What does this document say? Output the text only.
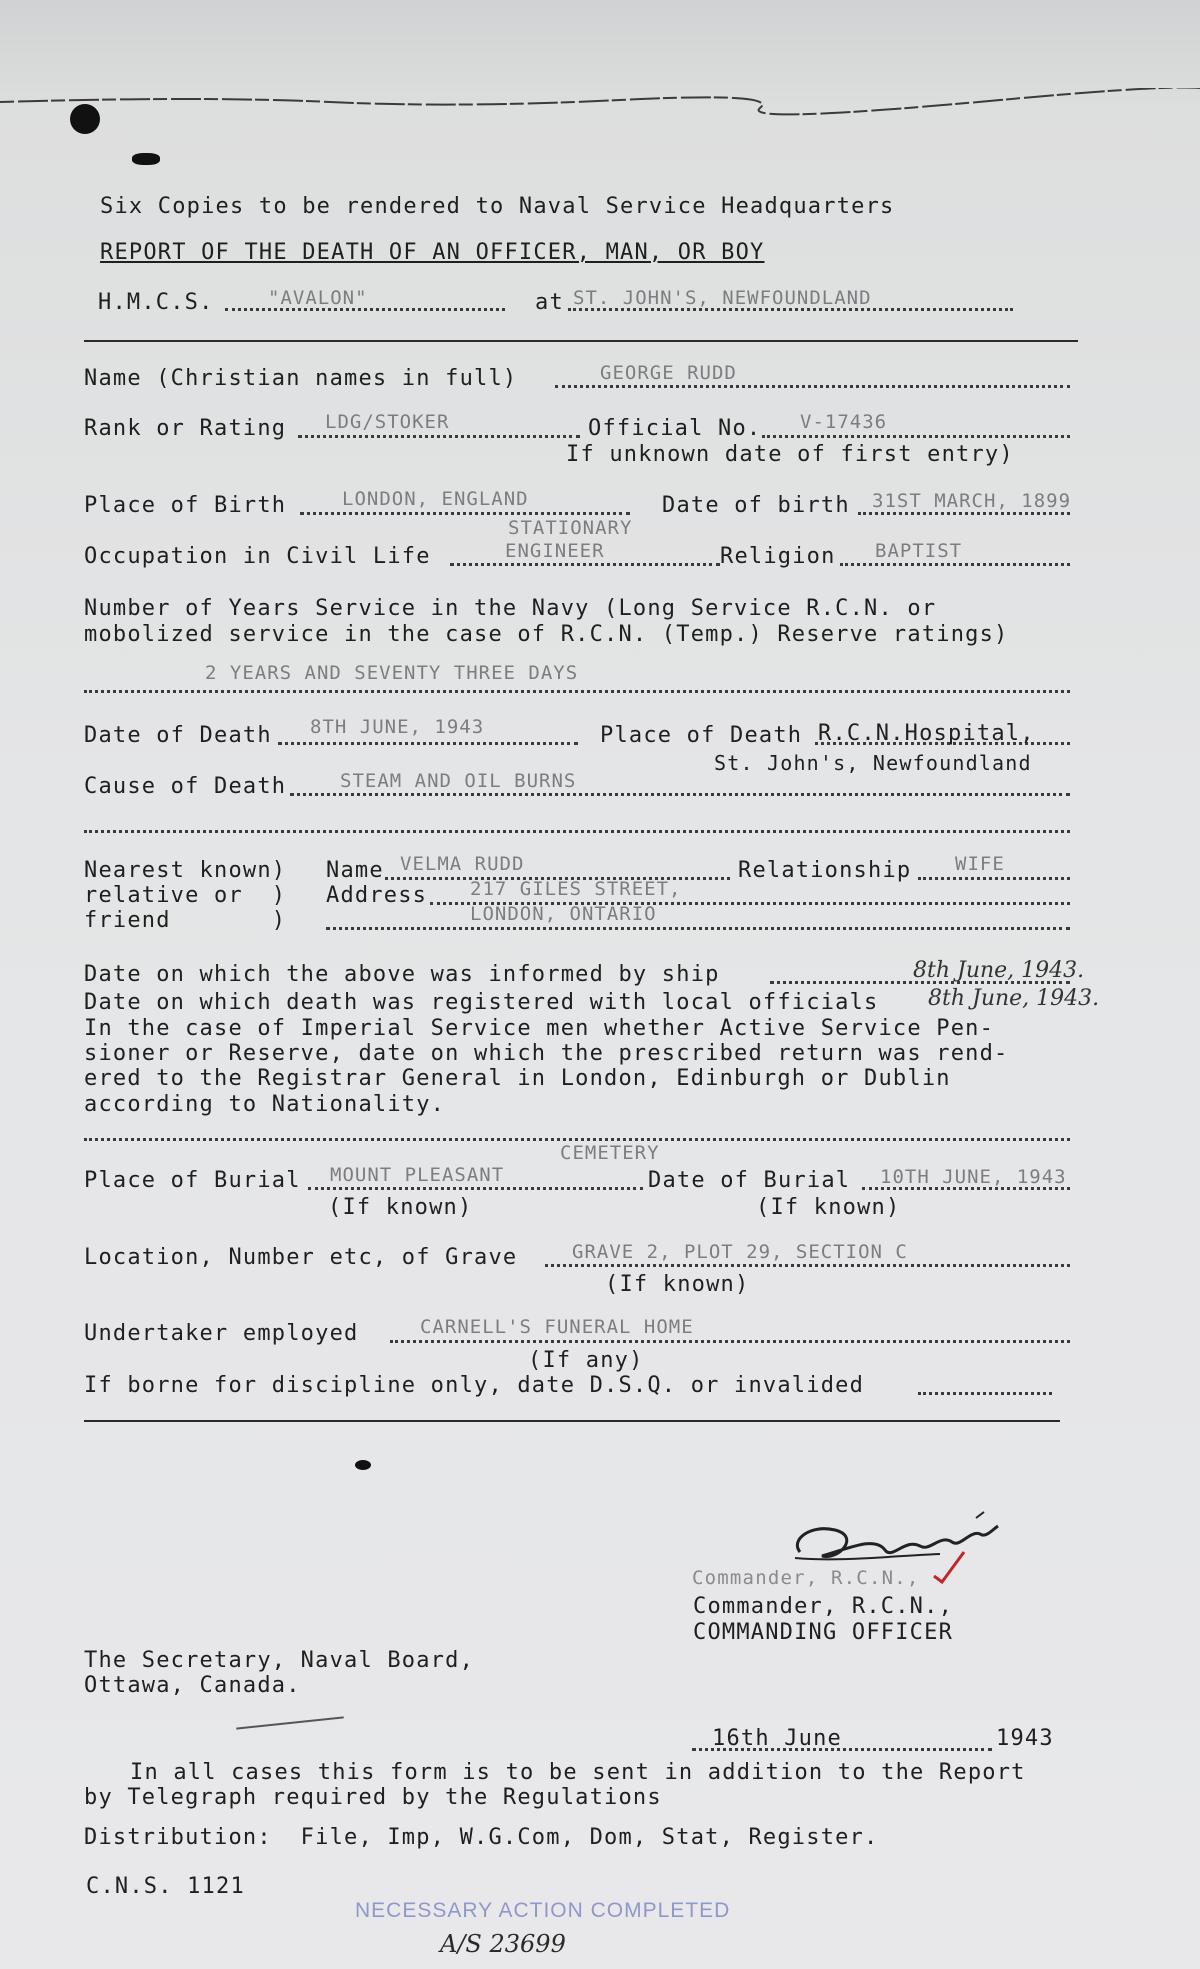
Six Copies to be rendered to Naval Service Headquarters
REPORT OF THE DEATH OF AN OFFICER, MAN, OR BOY
H.M.C.S.	"AVALON"	at ST. JOHN'S, NEWFOUNDLAND
Name (Christian names in full)	GEORGE RUDD
Rank or Rating LDG/STOKER	Official No. V-17436
If unknown date of first entry)
Place of Birth	LONDON, ENGLAND	Date of birth 31ST MARCH, 1899
STATIONARY
Occupation in Civil Life	ENGINEER	Religion BAPTIST
Number of Years Service in the Navy (Long Service R.C.N. or
mobolized service in the case of R.C.N. (Temp.) Reserve ratings)
2 YEARS AND SEVENTY THREE DAYS
Date of Death 8TH JUNE, 1943	Place of Death R.C.N.Hospital,
St. John's, Newfoundland
Cause of Death	STEAM AND OIL BURNS
Nearest known)
relative or  )
friend       )
Name VELMA RUDD	Relationship WIFE
Address 217 GILES STREET,
LONDON, ONTARIO
Date on which the above was informed by ship	8th June, 1943.
Date on which death was registered with local officials 8th June, 1943.
In the case of Imperial Service men whether Active Service Pen-
sioner or Reserve, date on which the prescribed return was rend-
ered to the Registrar General in London, Edinburgh or Dublin
according to Nationality.
CEMETERY
Place of Burial MOUNT PLEASANT	Date of Burial 10TH JUNE, 1943
(If known)	(If known)
Location, Number etc, of Grave	GRAVE 2, PLOT 29, SECTION C
(If known)
Undertaker employed	CARNELL'S FUNERAL HOME
(If any)
If borne for discipline only, date D.S.Q. or invalided
Commander, R.C.N.,
Commander, R.C.N.,
COMMANDING OFFICER
The Secretary, Naval Board,
Ottawa, Canada.
16th June	1943
In all cases this form is to be sent in addition to the Report
by Telegraph required by the Regulations
Distribution:  File, Imp, W.G.Com, Dom, Stat, Register.
C.N.S. 1121
NECESSARY ACTION COMPLETED
A/S 23699
